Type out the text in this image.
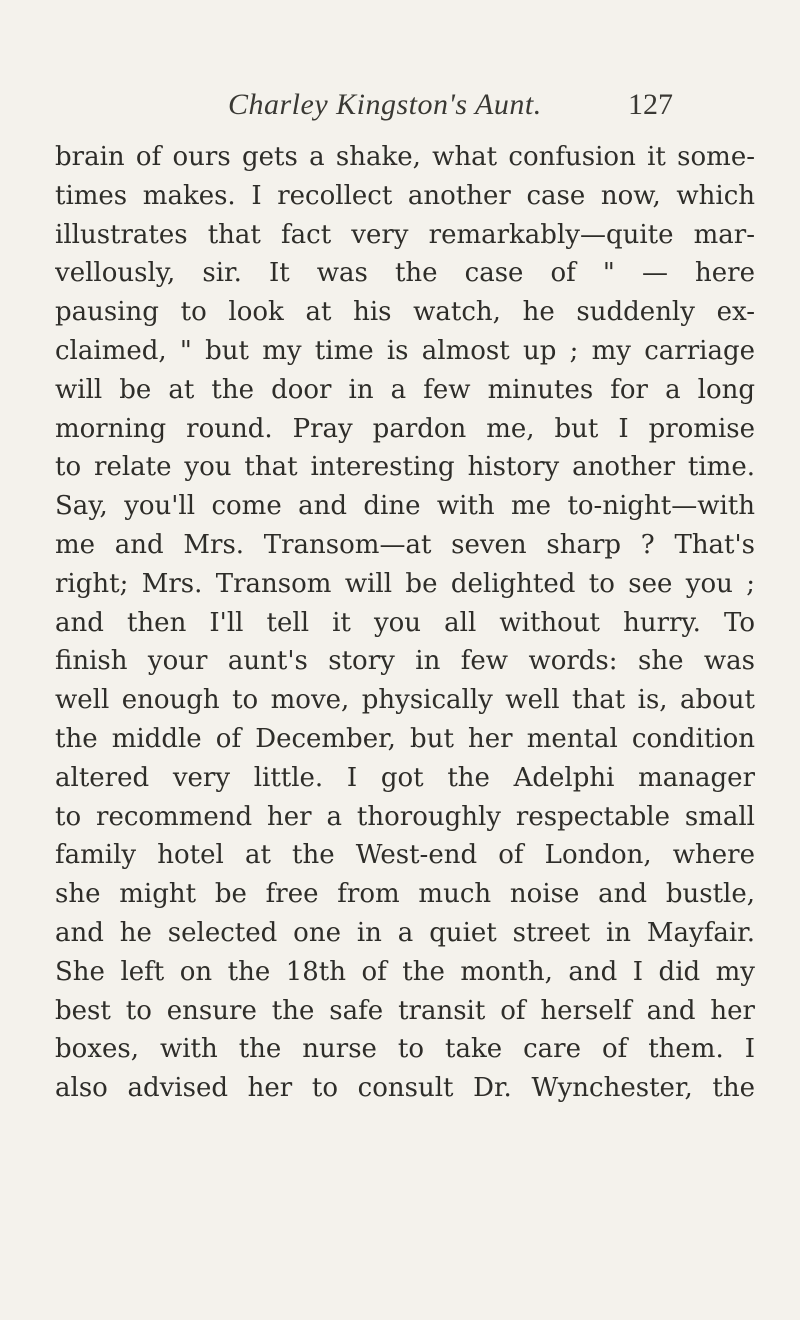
Charley Kingston's Aunt.	127
brain of ours gets a shake, what confusion it some-
times makes. I recollect another case now, which
illustrates that fact very remarkably—quite mar-
vellously, sir. It was the case of " — here
pausing to look at his watch, he suddenly ex-
claimed, " but my time is almost up ; my carriage
will be at the door in a few minutes for a long
morning round. Pray pardon me, but I promise
to relate you that interesting history another time.
Say, you'll come and dine with me to-night—with
me and Mrs. Transom—at seven sharp ? That's
right; Mrs. Transom will be delighted to see you ;
and then I'll tell it you all without hurry. To
finish your aunt's story in few words: she was
well enough to move, physically well that is, about
the middle of December, but her mental condition
altered very little. I got the Adelphi manager
to recommend her a thoroughly respectable small
family hotel at the West-end of London, where
she might be free from much noise and bustle,
and he selected one in a quiet street in Mayfair.
She left on the 18th of the month, and I did my
best to ensure the safe transit of herself and her
boxes, with the nurse to take care of them. I
also advised her to consult Dr. Wynchester, the
